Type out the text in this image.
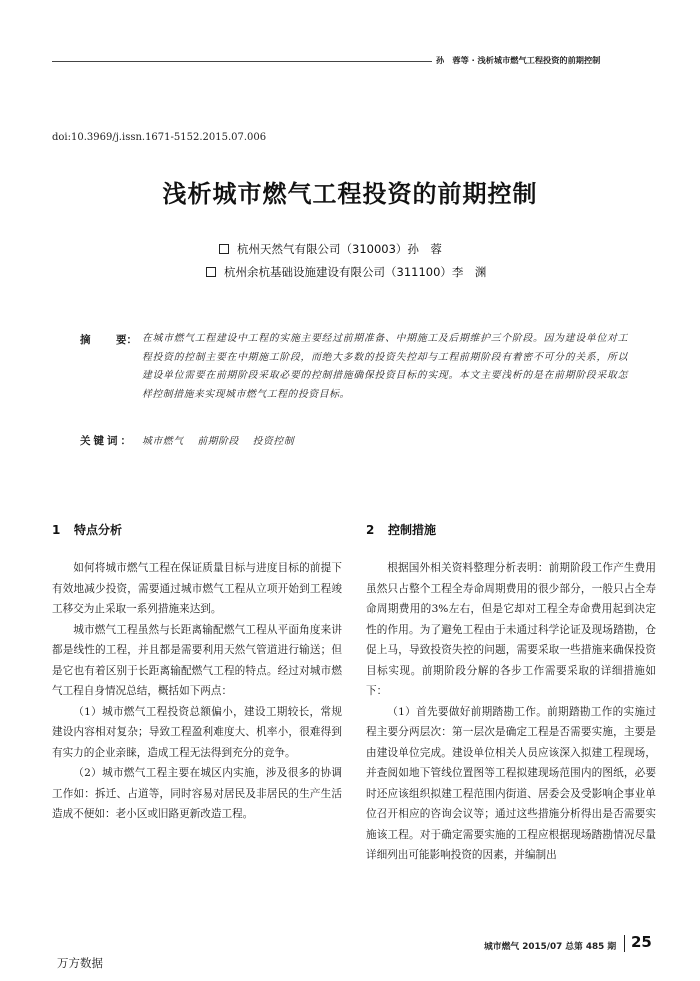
孙　蓉等 · 浅析城市燃气工程投资的前期控制
doi:10.3969/j.issn.1671-5152.2015.07.006
浅析城市燃气工程投资的前期控制
杭州天然气有限公司（310003）孙　蓉
杭州余杭基础设施建设有限公司（311100）李　渊
摘 要： 在城市燃气工程建设中工程的实施主要经过前期准备、中期施工及后期维护三个阶段。因为建设单位对工程投资的控制主要在中期施工阶段，而绝大多数的投资失控却与工程前期阶段有着密不可分的关系，所以建设单位需要在前期阶段采取必要的控制措施确保投资目标的实现。本文主要浅析的是在前期阶段采取怎样控制措施来实现城市燃气工程的投资目标。
关键词： 城市燃气 前期阶段 投资控制
1 特点分析	2 控制措施

如何将城市燃气工程在保证质量目标与进度目标的前提下有效地减少投资，需要通过城市燃气工程从立项开始到工程竣工移交为止采取一系列措施来达到。

城市燃气工程虽然与长距离输配燃气工程从平面角度来讲都是线性的工程，并且都是需要利用天然气管道进行输送；但是它也有着区别于长距离输配燃气工程的特点。经过对城市燃气工程自身情况总结，概括如下两点：

（1）城市燃气工程投资总额偏小，建设工期较长，常规建设内容相对复杂；导致工程盈利难度大、机率小，很难得到有实力的企业亲睐，造成工程无法得到充分的竞争。

（2）城市燃气工程主要在城区内实施，涉及很多的协调工作如：拆迁、占道等，同时容易对居民及非居民的生产生活造成不便如：老小区或旧路更新改造工程。

根据国外相关资料整理分析表明：前期阶段工作产生费用虽然只占整个工程全寿命周期费用的很少部分，一般只占全寿命周期费用的3%左右，但是它却对工程全寿命费用起到决定性的作用。为了避免工程由于未通过科学论证及现场踏勘，仓促上马，导致投资失控的问题，需要采取一些措施来确保投资目标实现。前期阶段分解的各步工作需要采取的详细措施如下：

（1）首先要做好前期踏勘工作。前期踏勘工作的实施过程主要分两层次：第一层次是确定工程是否需要实施，主要是由建设单位完成。建设单位相关人员应该深入拟建工程现场，并查阅如地下管线位置图等工程拟建现场范围内的图纸，必要时还应该组织拟建工程范围内街道、居委会及受影响企事业单位召开相应的咨询会议等；通过这些措施分析得出是否需要实施该工程。对于确定需要实施的工程应根据现场踏勘情况尽量详细列出可能影响投资的因素，并编制出

城市燃气 2015/07 总第 485 期 25
万方数据
